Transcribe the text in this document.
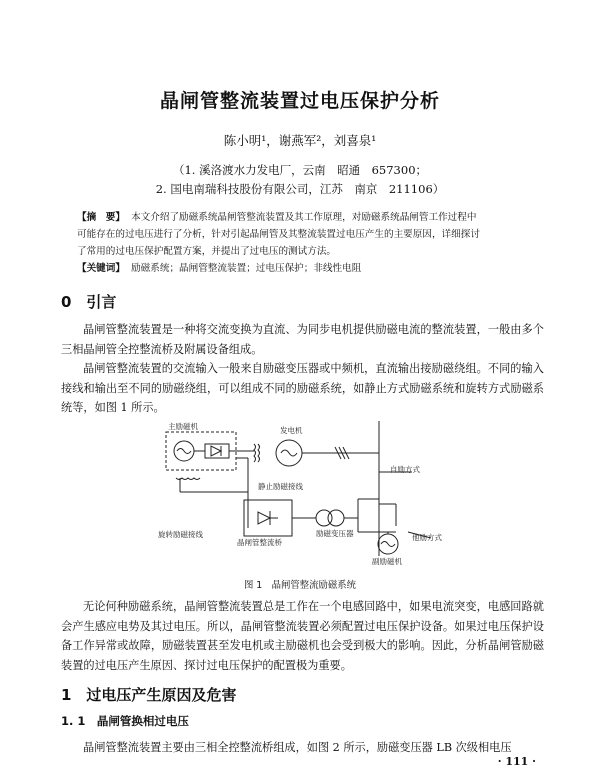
晶闸管整流装置过电压保护分析
陈小明¹，谢燕军²，刘喜泉¹
（1. 溪洛渡水力发电厂，云南　昭通　657300；
2. 国电南瑞科技股份有限公司，江苏　南京　211106）
【摘　要】 本文介绍了励磁系统晶闸管整流装置及其工作原理，对励磁系统晶闸管工作过程中
可能存在的过电压进行了分析，针对引起晶闸管及其整流装置过电压产生的主要原因，详细探讨
了常用的过电压保护配置方案，并提出了过电压的测试方法。
【关键词】 励磁系统；晶闸管整流装置；过电压保护；非线性电阻
0　引言
晶闸管整流装置是一种将交流变换为直流、为同步电机提供励磁电流的整流装置，一般由多个三相晶闸管全控整流桥及附属设备组成。
晶闸管整流装置的交流输入一般来自励磁变压器或中频机，直流输出接励磁绕组。不同的输入接线和输出至不同的励磁绕组，可以组成不同的励磁系统，如静止方式励磁系统和旋转方式励磁系统等，如图 1 所示。
主励磁机	发电机
静止励磁接线
自励方式
旋转励磁接线
晶闸管整流桥
励磁变压器	他励方式
副励磁机
图 1　晶闸管整流励磁系统
无论何种励磁系统，晶闸管整流装置总是工作在一个电感回路中，如果电流突变，电感回路就会产生感应电势及其过电压。所以，晶闸管整流装置必须配置过电压保护设备。如果过电压保护设备工作异常或故障，励磁装置甚至发电机或主励磁机也会受到极大的影响。因此，分析晶闸管励磁装置的过电压产生原因、探讨过电压保护的配置极为重要。
1　过电压产生原因及危害
1. 1　晶闸管换相过电压
晶闸管整流装置主要由三相全控整流桥组成，如图 2 所示，励磁变压器 LB 次级相电压
· 111 ·
